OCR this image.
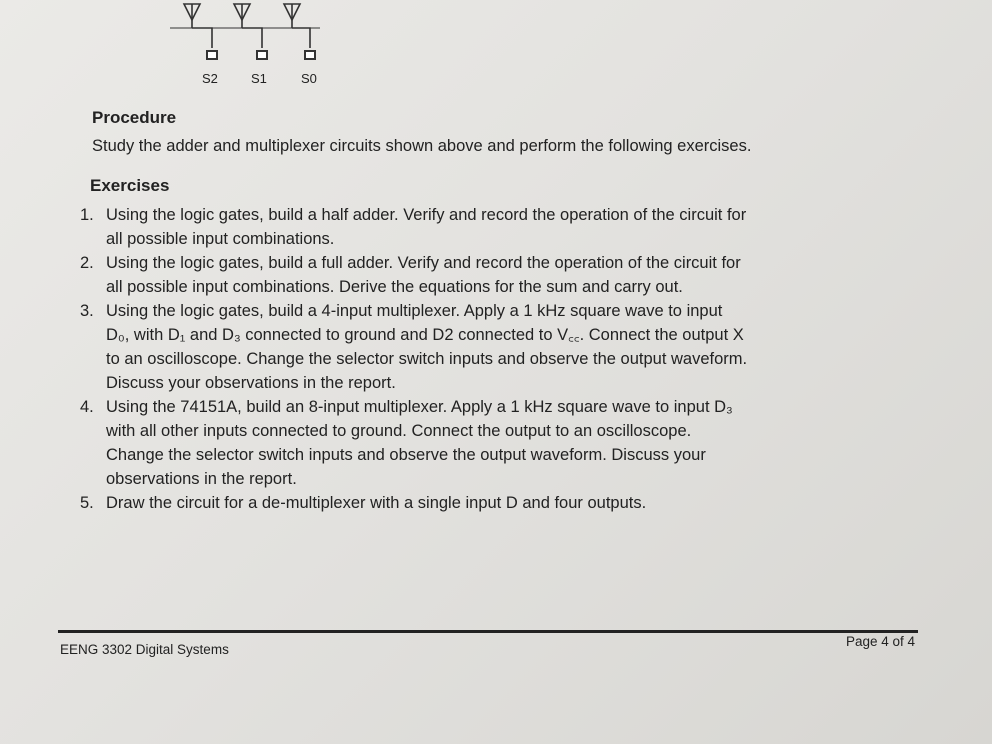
S2	S1	S0
Procedure
Study the adder and multiplexer circuits shown above and perform the following exercises.
Exercises
1. Using the logic gates, build a half adder. Verify and record the operation of the circuit for
all possible input combinations.
2. Using the logic gates, build a full adder. Verify and record the operation of the circuit for
all possible input combinations. Derive the equations for the sum and carry out.
3. Using the logic gates, build a 4-input multiplexer. Apply a 1 kHz square wave to input
D₀, with D₁ and D₃ connected to ground and D2 connected to V꜀꜀. Connect the output X
to an oscilloscope. Change the selector switch inputs and observe the output waveform.
Discuss your observations in the report.
4. Using the 74151A, build an 8-input multiplexer. Apply a 1 kHz square wave to input D₃
with all other inputs connected to ground. Connect the output to an oscilloscope.
Change the selector switch inputs and observe the output waveform. Discuss your
observations in the report.
5. Draw the circuit for a de-multiplexer with a single input D and four outputs.
EENG 3302 Digital Systems
Page 4 of 4
